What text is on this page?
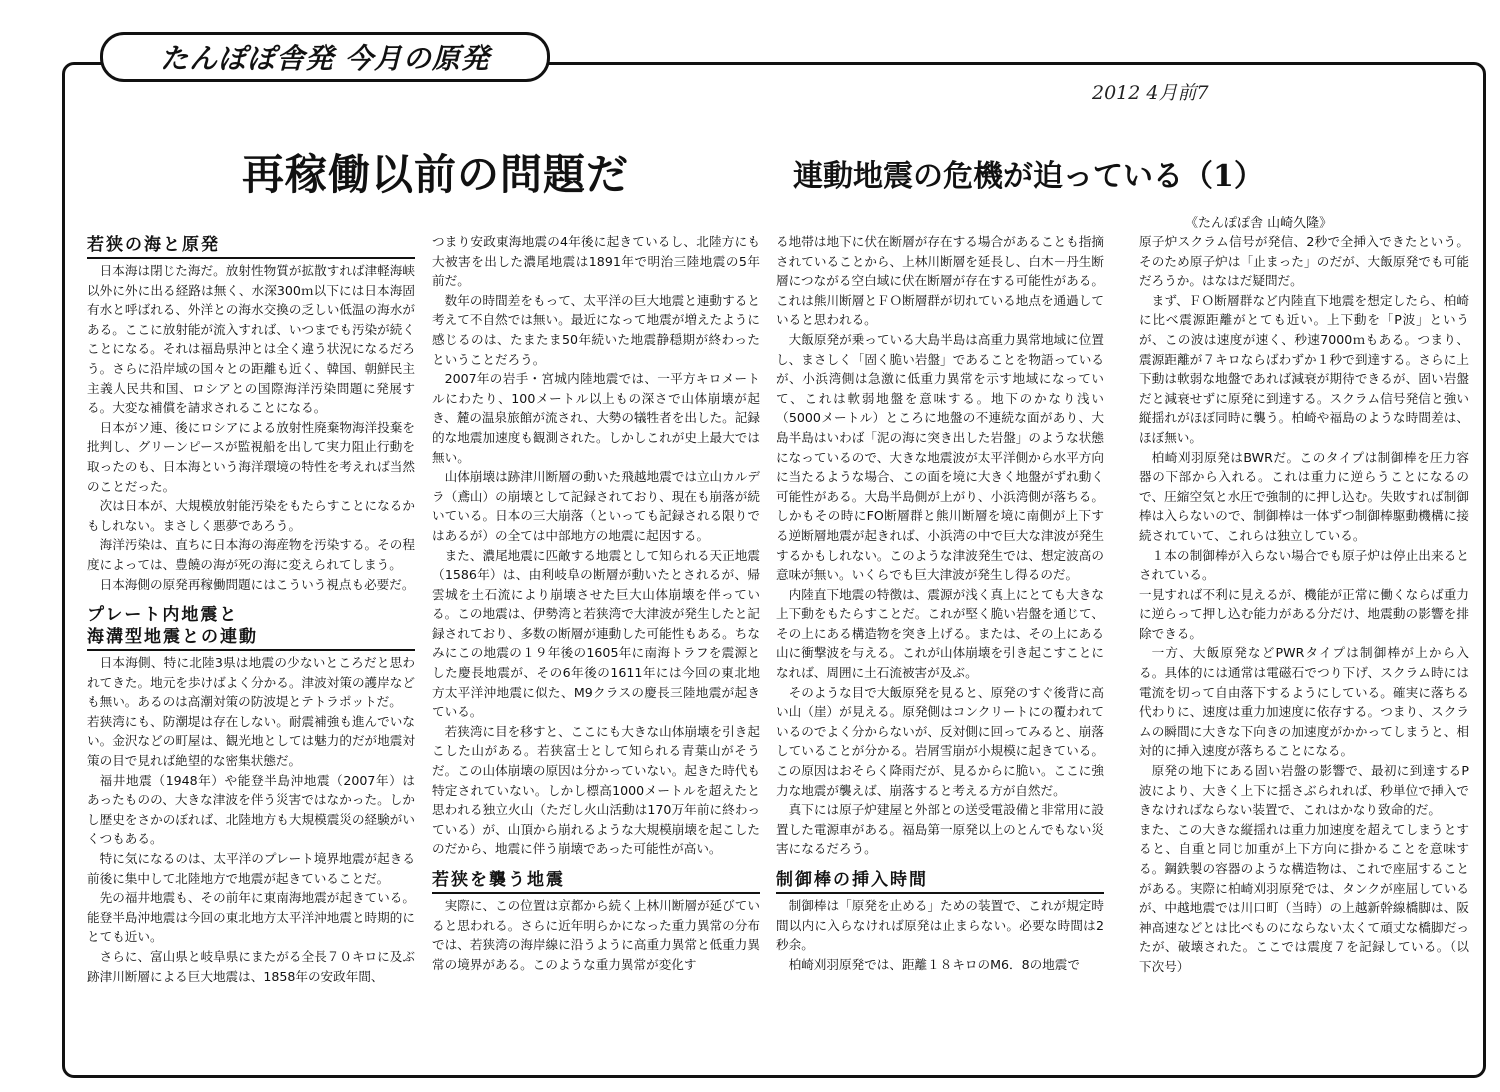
たんぽぽ舎発 今月の原発
2012 4月前7
再稼働以前の問題だ	連動地震の危機が迫っている（1）
《たんぽぽ舎 山崎久隆》
若狭の海と原発

日本海は閉じた海だ。放射性物質が拡散すれば津軽海峡以外に外に出る経路は無く、水深300ｍ以下には日本海固有水と呼ばれる、外洋との海水交換の乏しい低温の海水がある。ここに放射能が流入すれば、いつまでも汚染が続くことになる。それは福島県沖とは全く違う状況になるだろう。さらに沿岸域の国々との距離も近く、韓国、朝鮮民主主義人民共和国、ロシアとの国際海洋汚染問題に発展する。大変な補償を請求されることになる。

日本がソ連、後にロシアによる放射性廃棄物海洋投棄を批判し、グリーンピースが監視船を出して実力阻止行動を取ったのも、日本海という海洋環境の特性を考えれば当然のことだった。

次は日本が、大規模放射能汚染をもたらすことになるかもしれない。まさしく悪夢であろう。

海洋汚染は、直ちに日本海の海産物を汚染する。その程度によっては、豊饒の海が死の海に変えられてしまう。

日本海側の原発再稼働問題にはこういう視点も必要だ。

プレート内地震と
海溝型地震との連動

日本海側、特に北陸3県は地震の少ないところだと思われてきた。地元を歩けばよく分かる。津波対策の護岸なども無い。あるのは高潮対策の防波堤とテトラポットだ。

若狭湾にも、防潮堤は存在しない。耐震補強も進んでいない。金沢などの町屋は、観光地としては魅力的だが地震対策の目で見れば絶望的な密集状態だ。

福井地震（1948年）や能登半島沖地震（2007年）はあったものの、大きな津波を伴う災害ではなかった。しかし歴史をさかのぼれば、北陸地方も大規模震災の経験がいくつもある。

特に気になるのは、太平洋のプレート境界地震が起きる前後に集中して北陸地方で地震が起きていることだ。

先の福井地震も、その前年に東南海地震が起きている。能登半島沖地震は今回の東北地方太平洋沖地震と時期的にとても近い。

さらに、富山県と岐阜県にまたがる全長７０キロに及ぶ跡津川断層による巨大地震は、1858年の安政年間、

つまり安政東海地震の4年後に起きているし、北陸方にも大被害を出した濃尾地震は1891年で明治三陸地震の5年前だ。

数年の時間差をもって、太平洋の巨大地震と連動すると考えて不自然では無い。最近になって地震が増えたように感じるのは、たまたま50年続いた地震静穏期が終わったということだろう。

2007年の岩手・宮城内陸地震では、一平方キロメートルにわたり、100メートル以上もの深さで山体崩壊が起き、麓の温泉旅館が流され、大勢の犠牲者を出した。記録的な地震加速度も観測された。しかしこれが史上最大では無い。

山体崩壊は跡津川断層の動いた飛越地震では立山カルデラ（鳶山）の崩壊として記録されており、現在も崩落が続いている。日本の三大崩落（といっても記録される限りではあるが）の全ては中部地方の地震に起因する。

また、濃尾地震に匹敵する地震として知られる天正地震（1586年）は、由利岐阜の断層が動いたとされるが、帰雲城を土石流により崩壊させた巨大山体崩壊を伴っている。この地震は、伊勢湾と若狭湾で大津波が発生したと記録されており、多数の断層が連動した可能性もある。ちなみにこの地震の１９年後の1605年に南海トラフを震源とした慶長地震が、その6年後の1611年には今回の東北地方太平洋沖地震に似た、M9クラスの慶長三陸地震が起きている。

若狭湾に目を移すと、ここにも大きな山体崩壊を引き起こした山がある。若狭富士として知られる青葉山がそうだ。この山体崩壊の原因は分かっていない。起きた時代も特定されていない。しかし標高1000メートルを超えたと思われる独立火山（ただし火山活動は170万年前に終わっている）が、山頂から崩れるような大規模崩壊を起こしたのだから、地震に伴う崩壊であった可能性が高い。

若狭を襲う地震

実際に、この位置は京都から続く上林川断層が延びていると思われる。さらに近年明らかになった重力異常の分布では、若狭湾の海岸線に沿うように高重力異常と低重力異常の境界がある。このような重力異常が変化す

る地帯は地下に伏在断層が存在する場合があることも指摘されていることから、上林川断層を延長し、白木－丹生断層につながる空白域に伏在断層が存在する可能性がある。これは熊川断層とＦＯ断層群が切れている地点を通過していると思われる。

大飯原発が乗っている大島半島は高重力異常地域に位置し、まさしく「固く脆い岩盤」であることを物語っているが、小浜湾側は急激に低重力異常を示す地域になっていて、これは軟弱地盤を意味する。地下のかなり浅い（5000メートル）ところに地盤の不連続な面があり、大島半島はいわば「泥の海に突き出した岩盤」のような状態になっているので、大きな地震波が太平洋側から水平方向に当たるような場合、この面を境に大きく地盤がずれ動く可能性がある。大島半島側が上がり、小浜湾側が落ちる。しかもその時にFO断層群と熊川断層を境に南側が上下する逆断層地震が起きれば、小浜湾の中で巨大な津波が発生するかもしれない。このような津波発生では、想定波高の意味が無い。いくらでも巨大津波が発生し得るのだ。

内陸直下地震の特徴は、震源が浅く真上にとても大きな上下動をもたらすことだ。これが堅く脆い岩盤を通じて、その上にある構造物を突き上げる。または、その上にある山に衝撃波を与える。これが山体崩壊を引き起こすことになれば、周囲に土石流被害が及ぶ。

そのような目で大飯原発を見ると、原発のすぐ後背に高い山（崖）が見える。原発側はコンクリートにの覆われているのでよく分からないが、反対側に回ってみると、崩落していることが分かる。岩屑雪崩が小規模に起きている。この原因はおそらく降雨だが、見るからに脆い。ここに強力な地震が襲えば、崩落すると考える方が自然だ。

真下には原子炉建屋と外部との送受電設備と非常用に設置した電源車がある。福島第一原発以上のとんでもない災害になるだろう。

制御棒の挿入時間

制御棒は「原発を止める」ための装置で、これが規定時間以内に入らなければ原発は止まらない。必要な時間は2秒余。

柏崎刈羽原発では、距離１８キロのM6．8の地震で

原子炉スクラム信号が発信、2秒で全挿入できたという。そのため原子炉は「止まった」のだが、大飯原発でも可能だろうか。はなはだ疑問だ。

まず、ＦＯ断層群など内陸直下地震を想定したら、柏崎に比べ震源距離がとても近い。上下動を「P波」というが、この波は速度が速く、秒速7000ｍもある。つまり、震源距離が７キロならばわずか１秒で到達する。さらに上下動は軟弱な地盤であれば減衰が期待できるが、固い岩盤だと減衰せずに原発に到達する。スクラム信号発信と強い縦揺れがほぼ同時に襲う。柏崎や福島のような時間差は、ほぼ無い。

柏崎刈羽原発はBWRだ。このタイプは制御棒を圧力容器の下部から入れる。これは重力に逆らうことになるので、圧縮空気と水圧で強制的に押し込む。失敗すれば制御棒は入らないので、制御棒は一体ずつ制御棒駆動機構に接続されていて、これらは独立している。

１本の制御棒が入らない場合でも原子炉は停止出来るとされている。

一見すれば不利に見えるが、機能が正常に働くならば重力に逆らって押し込む能力がある分だけ、地震動の影響を排除できる。

一方、大飯原発などPWRタイプは制御棒が上から入る。具体的には通常は電磁石でつり下げ、スクラム時には電流を切って自由落下するようにしている。確実に落ちる代わりに、速度は重力加速度に依存する。つまり、スクラムの瞬間に大きな下向きの加速度がかかってしまうと、相対的に挿入速度が落ちることになる。

原発の地下にある固い岩盤の影響で、最初に到達するP波により、大きく上下に揺さぶられれば、秒単位で挿入できなければならない装置で、これはかなり致命的だ。

また、この大きな縦揺れは重力加速度を超えてしまうとすると、自重と同じ加重が上下方向に掛かることを意味する。鋼鉄製の容器のような構造物は、これで座屈することがある。実際に柏崎刈羽原発では、タンクが座屈しているが、中越地震では川口町（当時）の上越新幹線橋脚は、阪神高速などとは比べものにならない太くて頑丈な橋脚だったが、破壊された。ここでは震度７を記録している。（以下次号）
